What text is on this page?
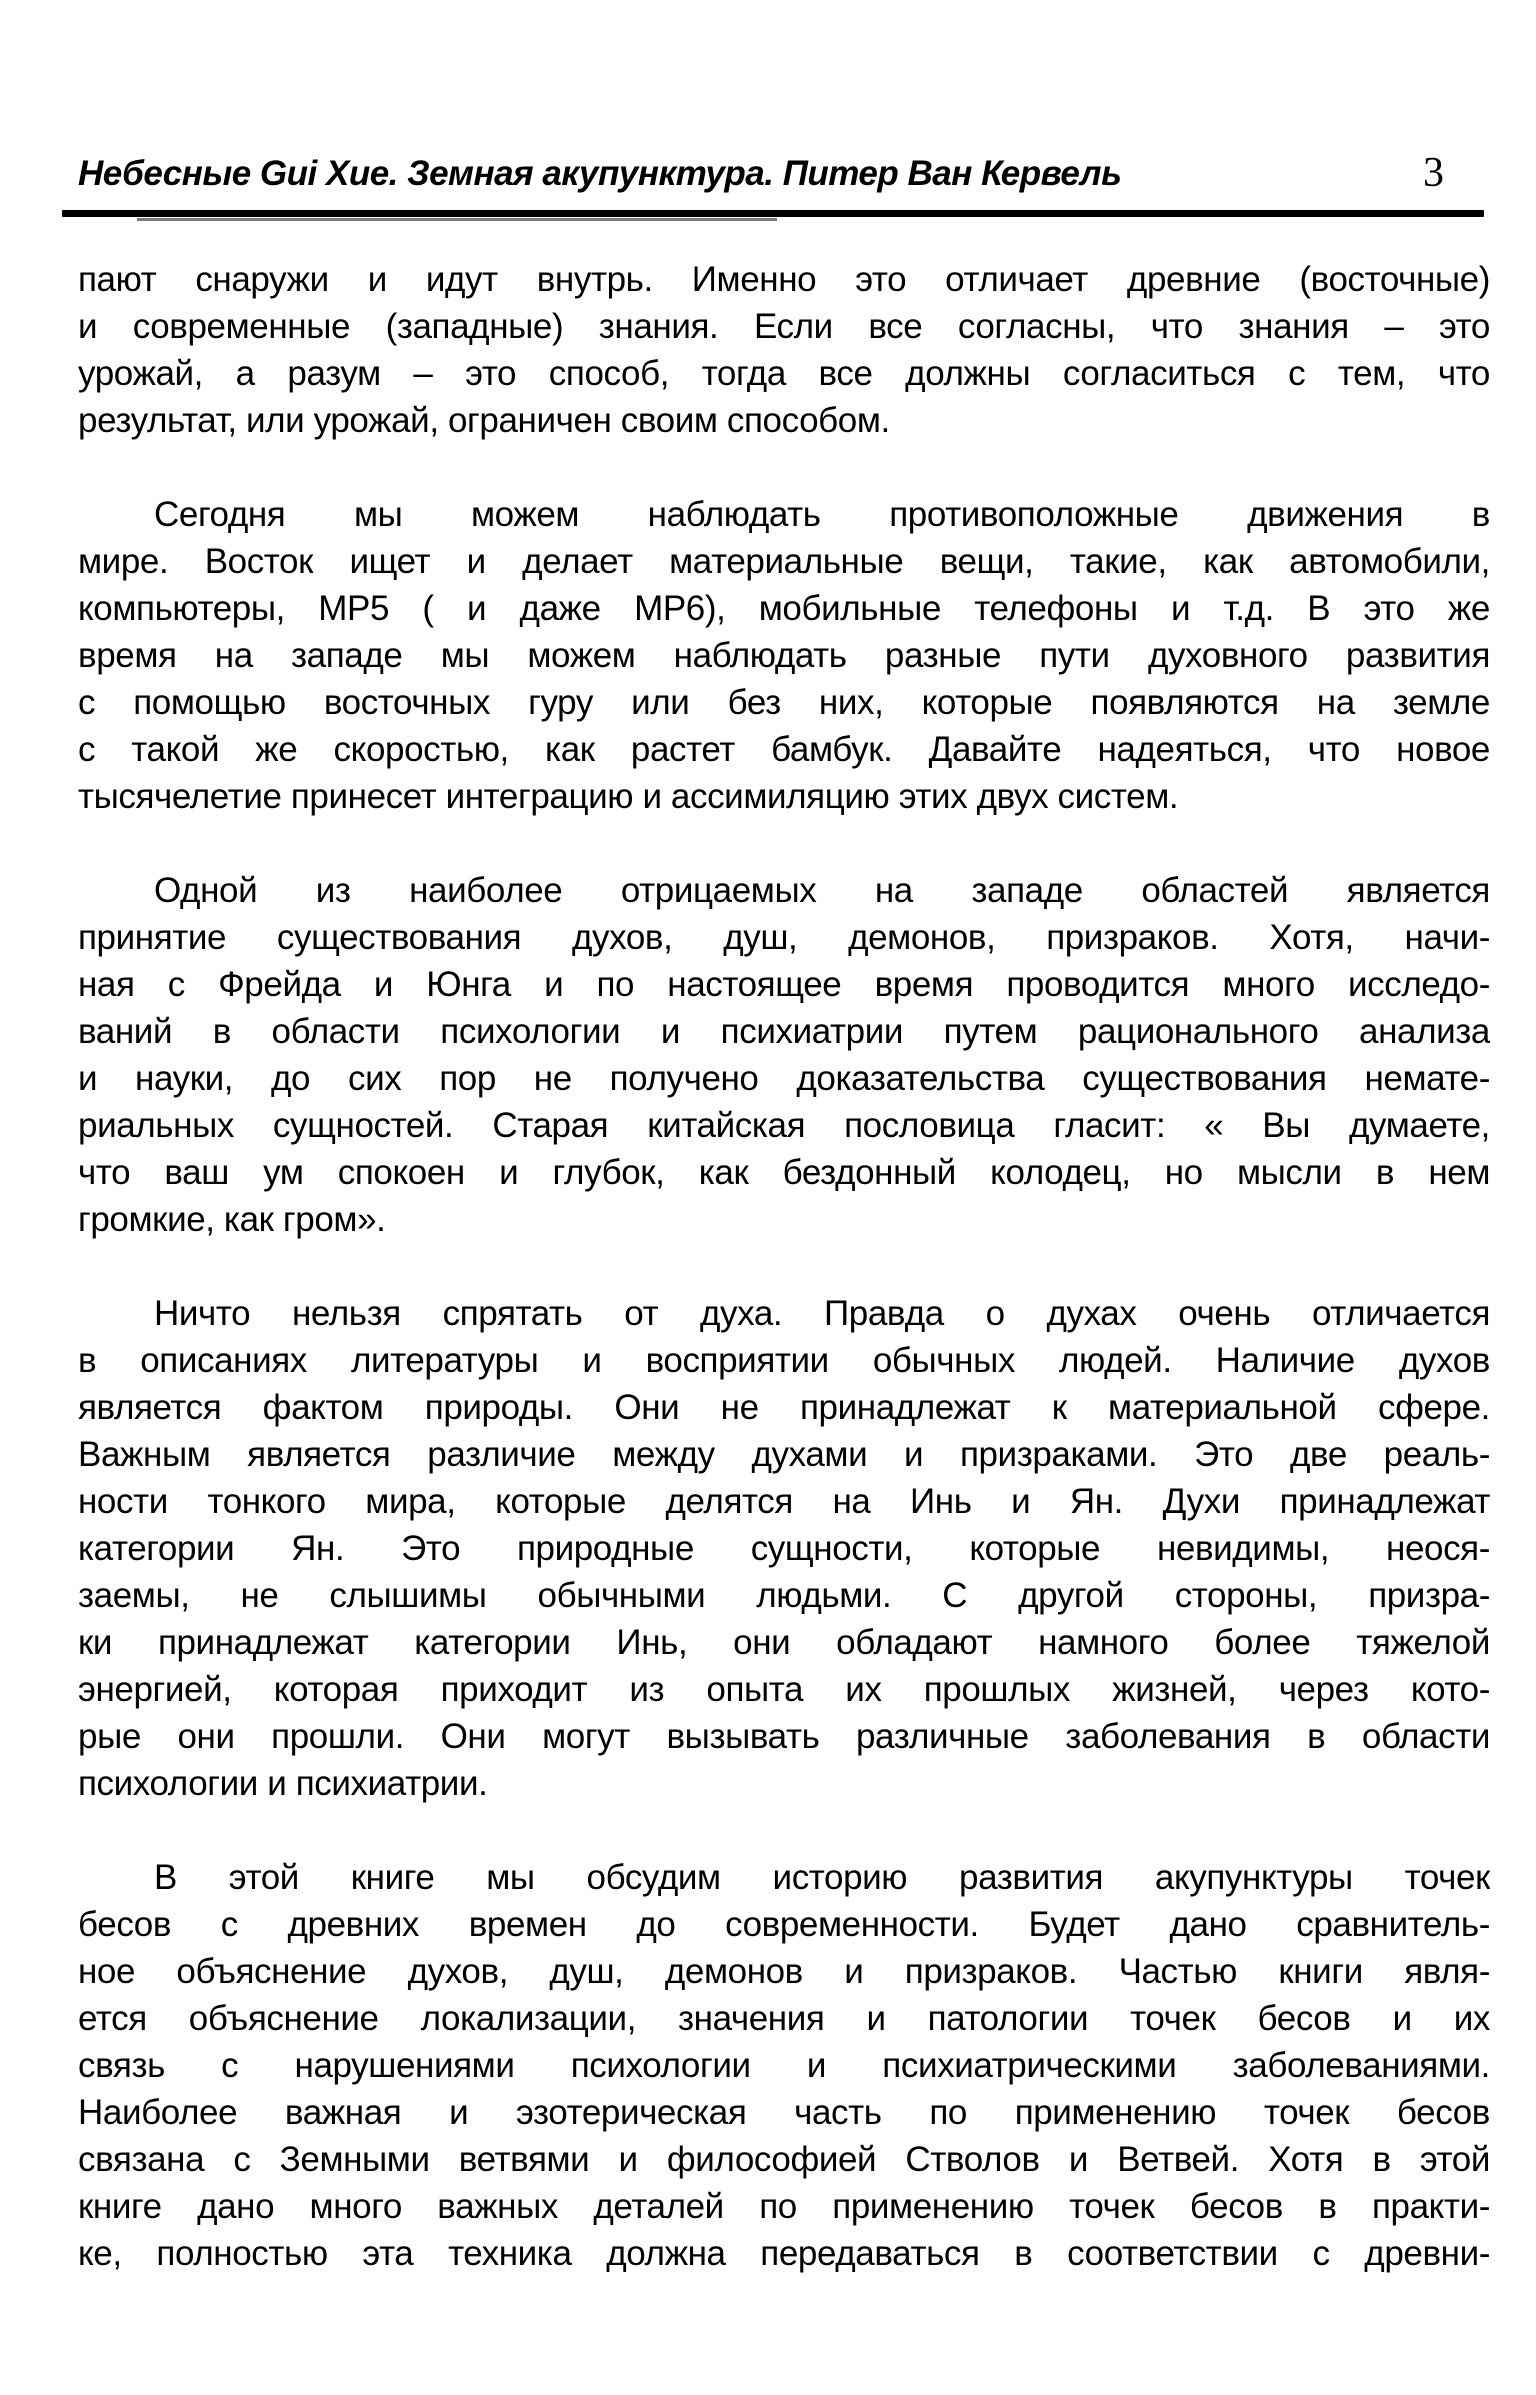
Небесные Gui Xue. Земная акупунктура. Питер Ван Кервель	3

пают снаружи и идут внутрь. Именно это отличает древние (восточные)
и современные (западные) знания. Если все согласны, что знания – это
урожай, а разум – это способ, тогда все должны согласиться с тем, что
результат, или урожай, ограничен своим способом.

Сегодня мы можем наблюдать противоположные движения в
мире. Восток ищет и делает материальные вещи, такие, как автомобили,
компьютеры, MP5 ( и даже MP6), мобильные телефоны и т.д. В это же
время на западе мы можем наблюдать разные пути духовного развития
с помощью восточных гуру или без них, которые появляются на земле
с такой же скоростью, как растет бамбук. Давайте надеяться, что новое
тысячелетие принесет интеграцию и ассимиляцию этих двух систем.

Одной из наиболее отрицаемых на западе областей является
принятие существования духов, душ, демонов, призраков. Хотя, начи-
ная с Фрейда и Юнга и по настоящее время проводится много исследо-
ваний в области психологии и психиатрии путем рационального анализа
и науки, до сих пор не получено доказательства существования немате-
риальных сущностей. Старая китайская пословица гласит: « Вы думаете,
что ваш ум спокоен и глубок, как бездонный колодец, но мысли в нем
громкие, как гром».

Ничто нельзя спрятать от духа. Правда о духах очень отличается
в описаниях литературы и восприятии обычных людей. Наличие духов
является фактом природы. Они не принадлежат к материальной сфере.
Важным является различие между духами и призраками. Это две реаль-
ности тонкого мира, которые делятся на Инь и Ян. Духи принадлежат
категории Ян. Это природные сущности, которые невидимы, неося-
заемы, не слышимы обычными людьми. С другой стороны, призра-
ки принадлежат категории Инь, они обладают намного более тяжелой
энергией, которая приходит из опыта их прошлых жизней, через кото-
рые они прошли. Они могут вызывать различные заболевания в области
психологии и психиатрии.

В этой книге мы обсудим историю развития акупунктуры точек
бесов с древних времен до современности. Будет дано сравнитель-
ное объяснение духов, душ, демонов и призраков. Частью книги явля-
ется объяснение локализации, значения и патологии точек бесов и их
связь с нарушениями психологии и психиатрическими заболеваниями.
Наиболее важная и эзотерическая часть по применению точек бесов
связана с Земными ветвями и философией Стволов и Ветвей. Хотя в этой
книге дано много важных деталей по применению точек бесов в практи-
ке, полностью эта техника должна передаваться в соответствии с древни-
